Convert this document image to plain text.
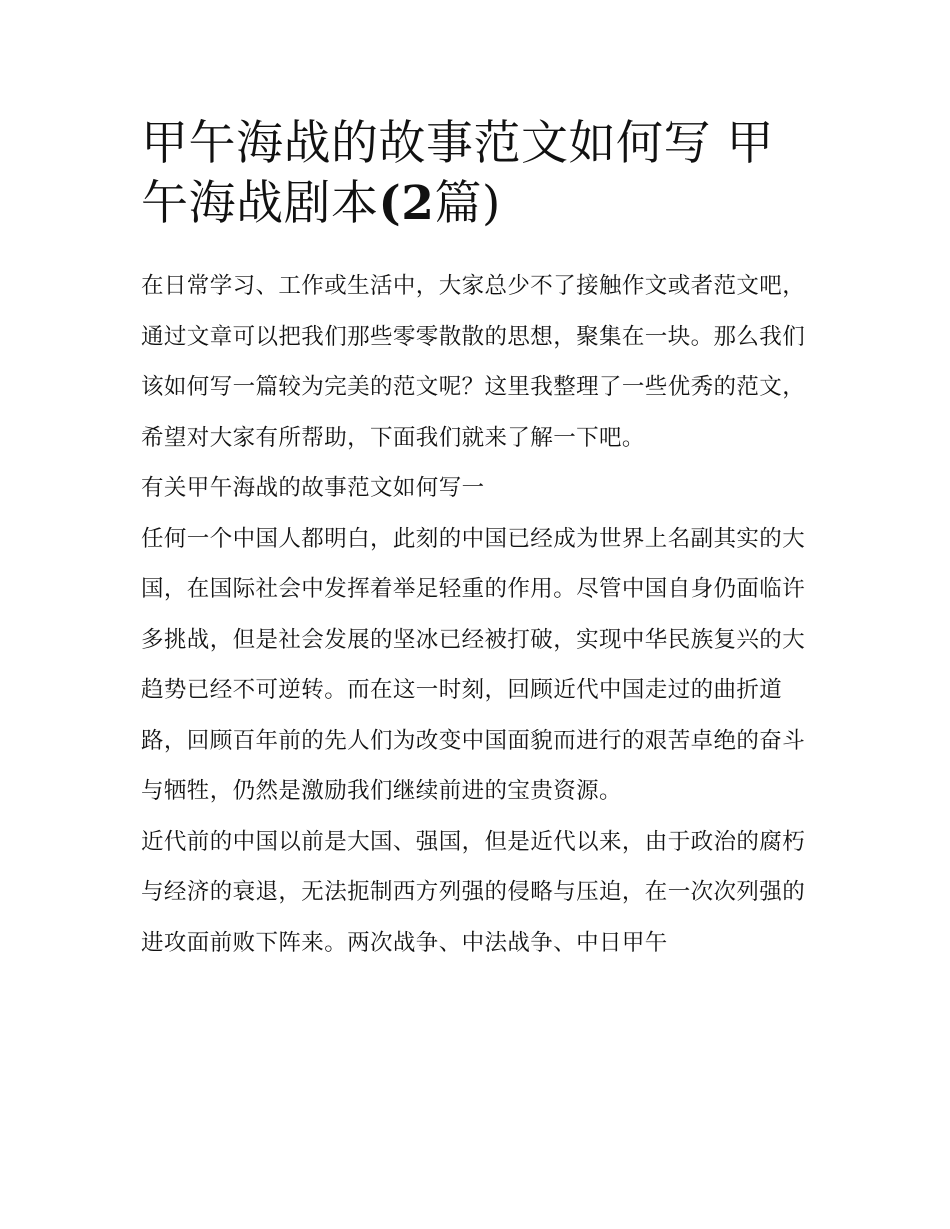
甲午海战的故事范文如何写 甲午海战剧本(2篇)

在日常学习、工作或生活中，大家总少不了接触作文或者范文吧，通过文章可以把我们那些零零散散的思想，聚集在一块。那么我们该如何写一篇较为完美的范文呢？这里我整理了一些优秀的范文，希望对大家有所帮助，下面我们就来了解一下吧。

有关甲午海战的故事范文如何写一

任何一个中国人都明白，此刻的中国已经成为世界上名副其实的大国，在国际社会中发挥着举足轻重的作用。尽管中国自身仍面临许多挑战，但是社会发展的坚冰已经被打破，实现中华民族复兴的大趋势已经不可逆转。而在这一时刻，回顾近代中国走过的曲折道路，回顾百年前的先人们为改变中国面貌而进行的艰苦卓绝的奋斗与牺牲，仍然是激励我们继续前进的宝贵资源。

近代前的中国以前是大国、强国，但是近代以来，由于政治的腐朽与经济的衰退，无法扼制西方列强的侵略与压迫，在一次次列强的进攻面前败下阵来。两次战争、中法战争、中日甲午
